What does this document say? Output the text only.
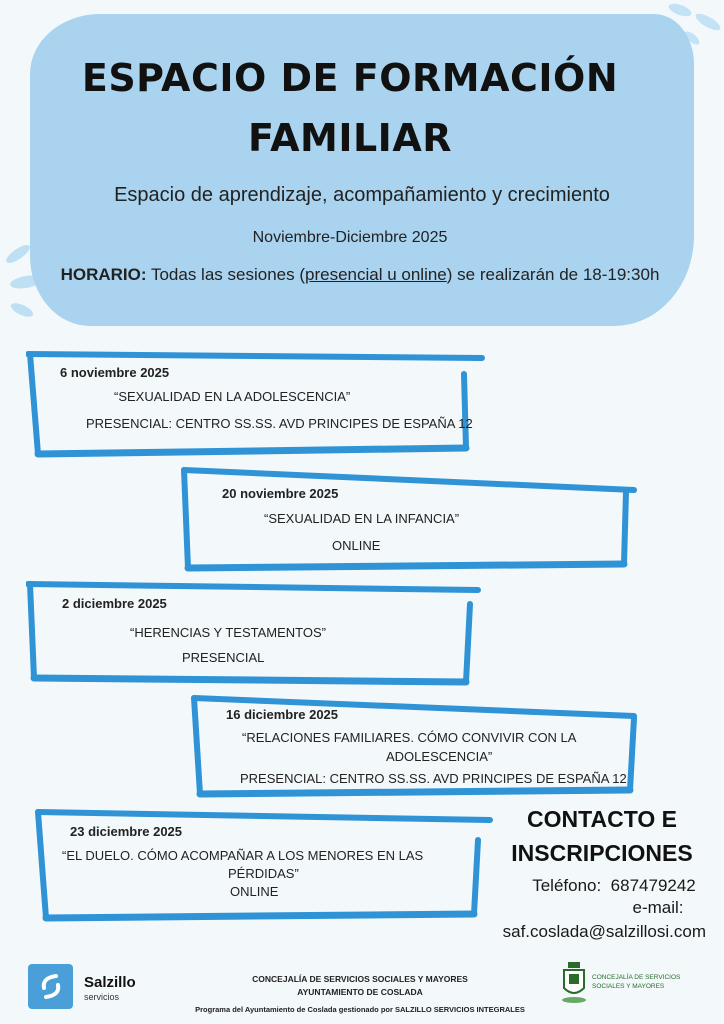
ESPACIO DE FORMACIÓN
FAMILIAR
Espacio de aprendizaje, acompañamiento y crecimiento
Noviembre-Diciembre 2025
HORARIO: Todas las sesiones (presencial u online) se realizarán de 18-19:30h
6 noviembre 2025
“SEXUALIDAD EN LA ADOLESCENCIA”
PRESENCIAL: CENTRO SS.SS. AVD PRINCIPES DE ESPAÑA 12
20 noviembre 2025
“SEXUALIDAD EN LA INFANCIA”
ONLINE
2 diciembre 2025
“HERENCIAS Y TESTAMENTOS”
PRESENCIAL
16 diciembre 2025
“RELACIONES FAMILIARES. CÓMO CONVIVIR CON LA
ADOLESCENCIA”
PRESENCIAL: CENTRO SS.SS. AVD PRINCIPES DE ESPAÑA 12
23 diciembre 2025
“EL DUELO. CÓMO ACOMPAÑAR A LOS MENORES EN LAS
PÉRDIDAS”
ONLINE
CONTACTO E
INSCRIPCIONES
Teléfono: 687479242
e-mail:
saf.coslada@salzillosi.com
Salzillo
servicios
CONCEJALÍA DE SERVICIOS SOCIALES Y MAYORES
AYUNTAMIENTO DE COSLADA
Programa del Ayuntamiento de Coslada gestionado por SALZILLO SERVICIOS INTEGRALES
CONCEJALÍA DE SERVICIOS SOCIALES Y MAYORES
